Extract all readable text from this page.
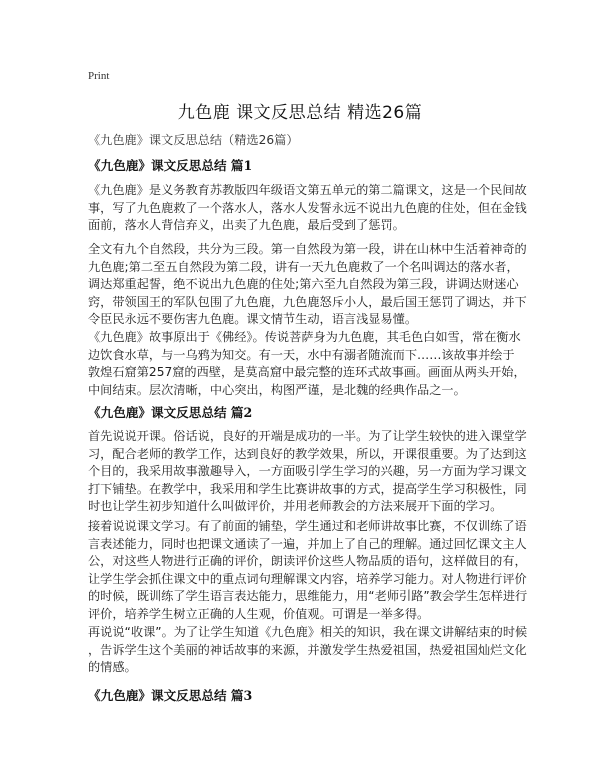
Print
九色鹿 课文反思总结 精选26篇
《九色鹿》课文反思总结（精选26篇）
《九色鹿》课文反思总结 篇1
《九色鹿》是义务教育苏教版四年级语文第五单元的第二篇课文，这是一个民间故
事，写了九色鹿救了一个落水人，落水人发誓永远不说出九色鹿的住处，但在金钱
面前，落水人背信弃义，出卖了九色鹿，最后受到了惩罚。
全文有九个自然段，共分为三段。第一自然段为第一段，讲在山林中生活着神奇的
九色鹿;第二至五自然段为第二段，讲有一天九色鹿救了一个名叫调达的落水者，
调达郑重起誓，绝不说出九色鹿的住处;第六至九自然段为第三段，讲调达财迷心
窍，带领国王的军队包围了九色鹿，九色鹿怒斥小人，最后国王惩罚了调达，并下
令臣民永远不要伤害九色鹿。课文情节生动，语言浅显易懂。
《九色鹿》故事原出于《佛经》。传说菩萨身为九色鹿，其毛色白如雪，常在衡水
边饮食水草，与一乌鸦为知交。有一天，水中有溺者随流而下……该故事并绘于
敦煌石窟第257窟的西壁，是莫高窟中最完整的连环式故事画。画面从两头开始，
中间结束。层次清晰，中心突出，构图严谨，是北魏的经典作品之一。
《九色鹿》课文反思总结 篇2
首先说说开课。俗话说，良好的开端是成功的一半。为了让学生较快的进入课堂学
习，配合老师的教学工作，达到良好的教学效果，所以，开课很重要。为了达到这
个目的，我采用故事激趣导入，一方面吸引学生学习的兴趣，另一方面为学习课文
打下铺垫。在教学中，我采用和学生比赛讲故事的方式，提高学生学习积极性，同
时也让学生初步知道什么叫做评价，并用老师教会的方法来展开下面的学习。
接着说说课文学习。有了前面的铺垫，学生通过和老师讲故事比赛，不仅训练了语
言表述能力，同时也把课文通读了一遍，并加上了自己的理解。通过回忆课文主人
公，对这些人物进行正确的评价，朗读评价这些人物品质的语句，这样做目的有，
让学生学会抓住课文中的重点词句理解课文内容，培养学习能力。对人物进行评价
的时候，既训练了学生语言表达能力，思维能力，用“老师引路”教会学生怎样进行
评价，培养学生树立正确的人生观，价值观。可谓是一举多得。
再说说“收课”。为了让学生知道《九色鹿》相关的知识，我在课文讲解结束的时候
，告诉学生这个美丽的神话故事的来源，并激发学生热爱祖国，热爱祖国灿烂文化
的情感。
《九色鹿》课文反思总结 篇3
